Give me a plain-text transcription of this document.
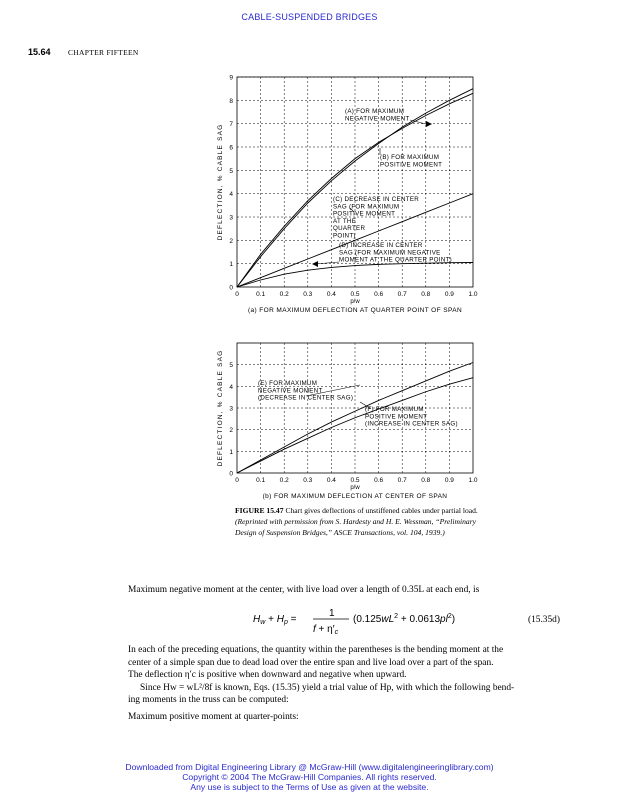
CABLE-SUSPENDED BRIDGES
15.64 CHAPTER FIFTEEN
0	0.1 0.2 0.3 0.4 0.5 0.6 0.7 0.8 0.9 1.0
0
1
2
3
4
5
6
7
8
9
p/w
DEFLECTION, % CABLE SAG
(a) FOR MAXIMUM DEFLECTION AT QUARTER POINT OF SPAN
(A) FOR MAXIMUM
NEGATIVE MOMENT
(B) FOR MAXIMUM
POSITIVE MOMENT
(C) DECREASE IN CENTER
SAG (FOR MAXIMUM
POSITIVE MOMENT
AT THE
QUARTER
POINT)
(D) INCREASE IN CENTER
SAG (FOR MAXIMUM NEGATIVE
MOMENT AT THE QUARTER POINT)
0	0.1 0.2 0.3 0.4 0.5 0.6 0.7 0.8 0.9 1.0
0
1
2
3
4
5
p/w
DEFLECTION, % CABLE SAG
(b) FOR MAXIMUM DEFLECTION AT CENTER OF SPAN
(E) FOR MAXIMUM
NEGATIVE MOMENT
(DECREASE IN CENTER SAG)
(F) FOR MAXIMUM
POSITIVE MOMENT
(INCREASE IN CENTER SAG)
FIGURE 15.47 Chart gives deflections of unstiffened cables under partial load. (Reprinted with permission from S. Hardesty and H. E. Wessman, “Preliminary Design of Suspension Bridges,” ASCE Transactions, vol. 104, 1939.)
Maximum negative moment at the center, with live load over a length of 0.35L at each end, is
$H_w + H_p$ =
1
$f + \eta'_c$
$(0.125wL^2 + 0.0613pl^2)$	(15.35d)
In each of the preceding equations, the quantity within the parentheses is the bending moment at the
center of a simple span due to dead load over the entire span and live load over a part of the span.
The deflection η′c is positive when downward and negative when upward.
Since Hw = wL²/8f is known, Eqs. (15.35) yield a trial value of Hp, with which the following bend-
ing moments in the truss can be computed:
Maximum positive moment at quarter-points:
Downloaded from Digital Engineering Library @ McGraw-Hill (www.digitalengineeringlibrary.com)
Copyright © 2004 The McGraw-Hill Companies. All rights reserved.
Any use is subject to the Terms of Use as given at the website.
